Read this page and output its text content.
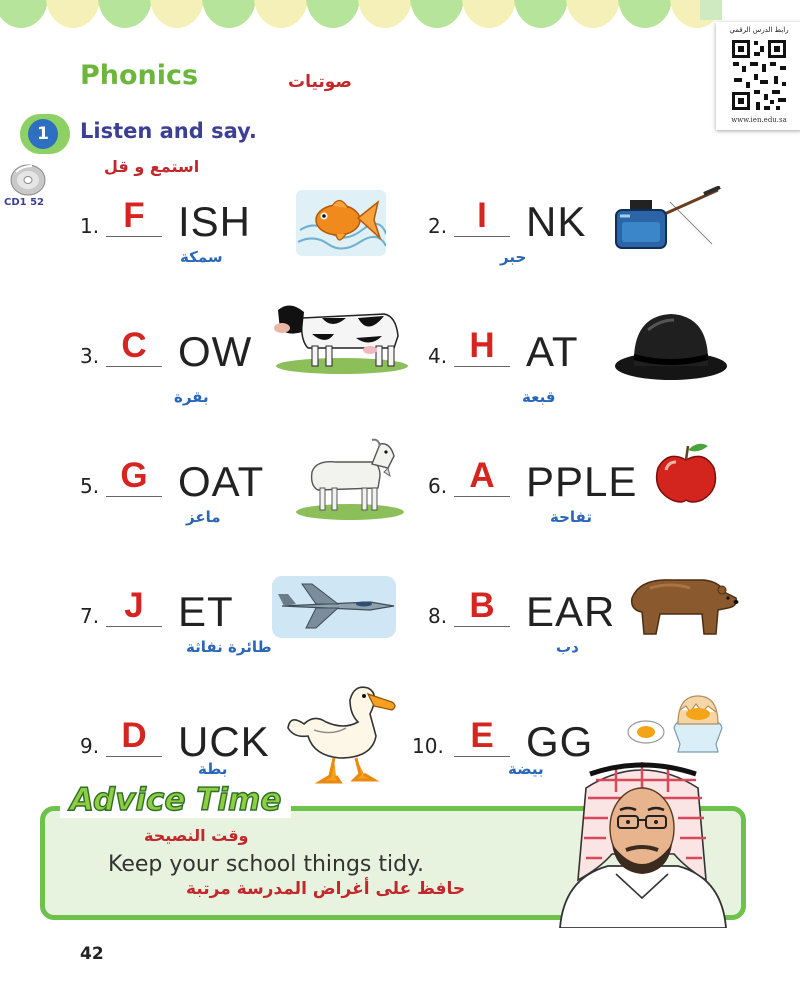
رابط الدرس الرقمي
www.ien.edu.sa
Phonics	صوتيات
1	Listen and say.
استمع و قل
CD1 52
1. F ISH
سمكة
2. I NK
حبر
3. C OW
بقرة
4. H AT
قبعة
5. G OAT
ماعز
6. A PPLE
تفاحة
7. J ET
طائرة نفاثة
8. B EAR
دب
9. D UCK
بطة
10. E GG
بيضة
Advice Time
وقت النصيحة
Keep your school things tidy.
حافظ على أغراض المدرسة مرتبة
42
